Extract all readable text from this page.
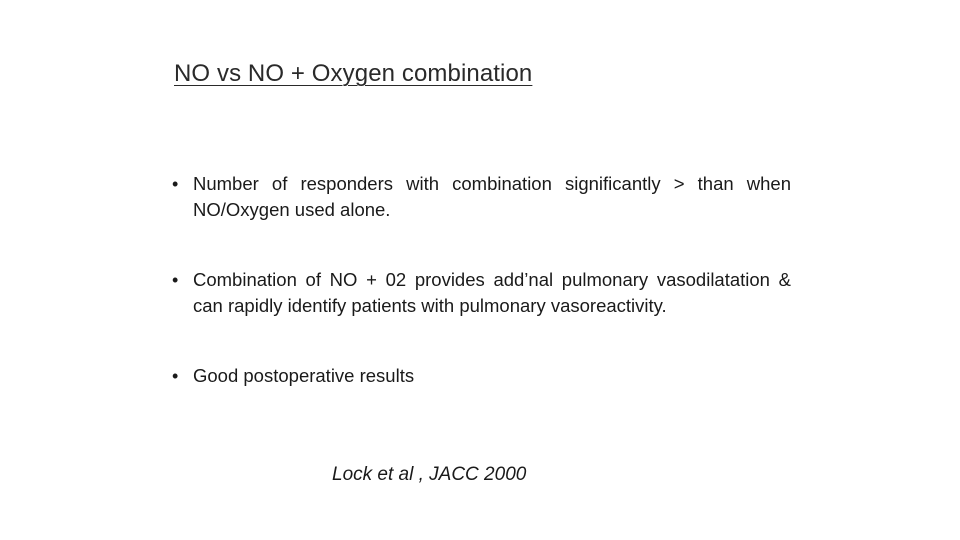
NO vs NO + Oxygen combination
• Number of responders with combination significantly > than when NO/Oxygen used alone.
• Combination of NO + 02 provides add’nal pulmonary vasodilatation & can rapidly identify patients with pulmonary vasoreactivity.
• Good postoperative results
Lock et al , JACC 2000
